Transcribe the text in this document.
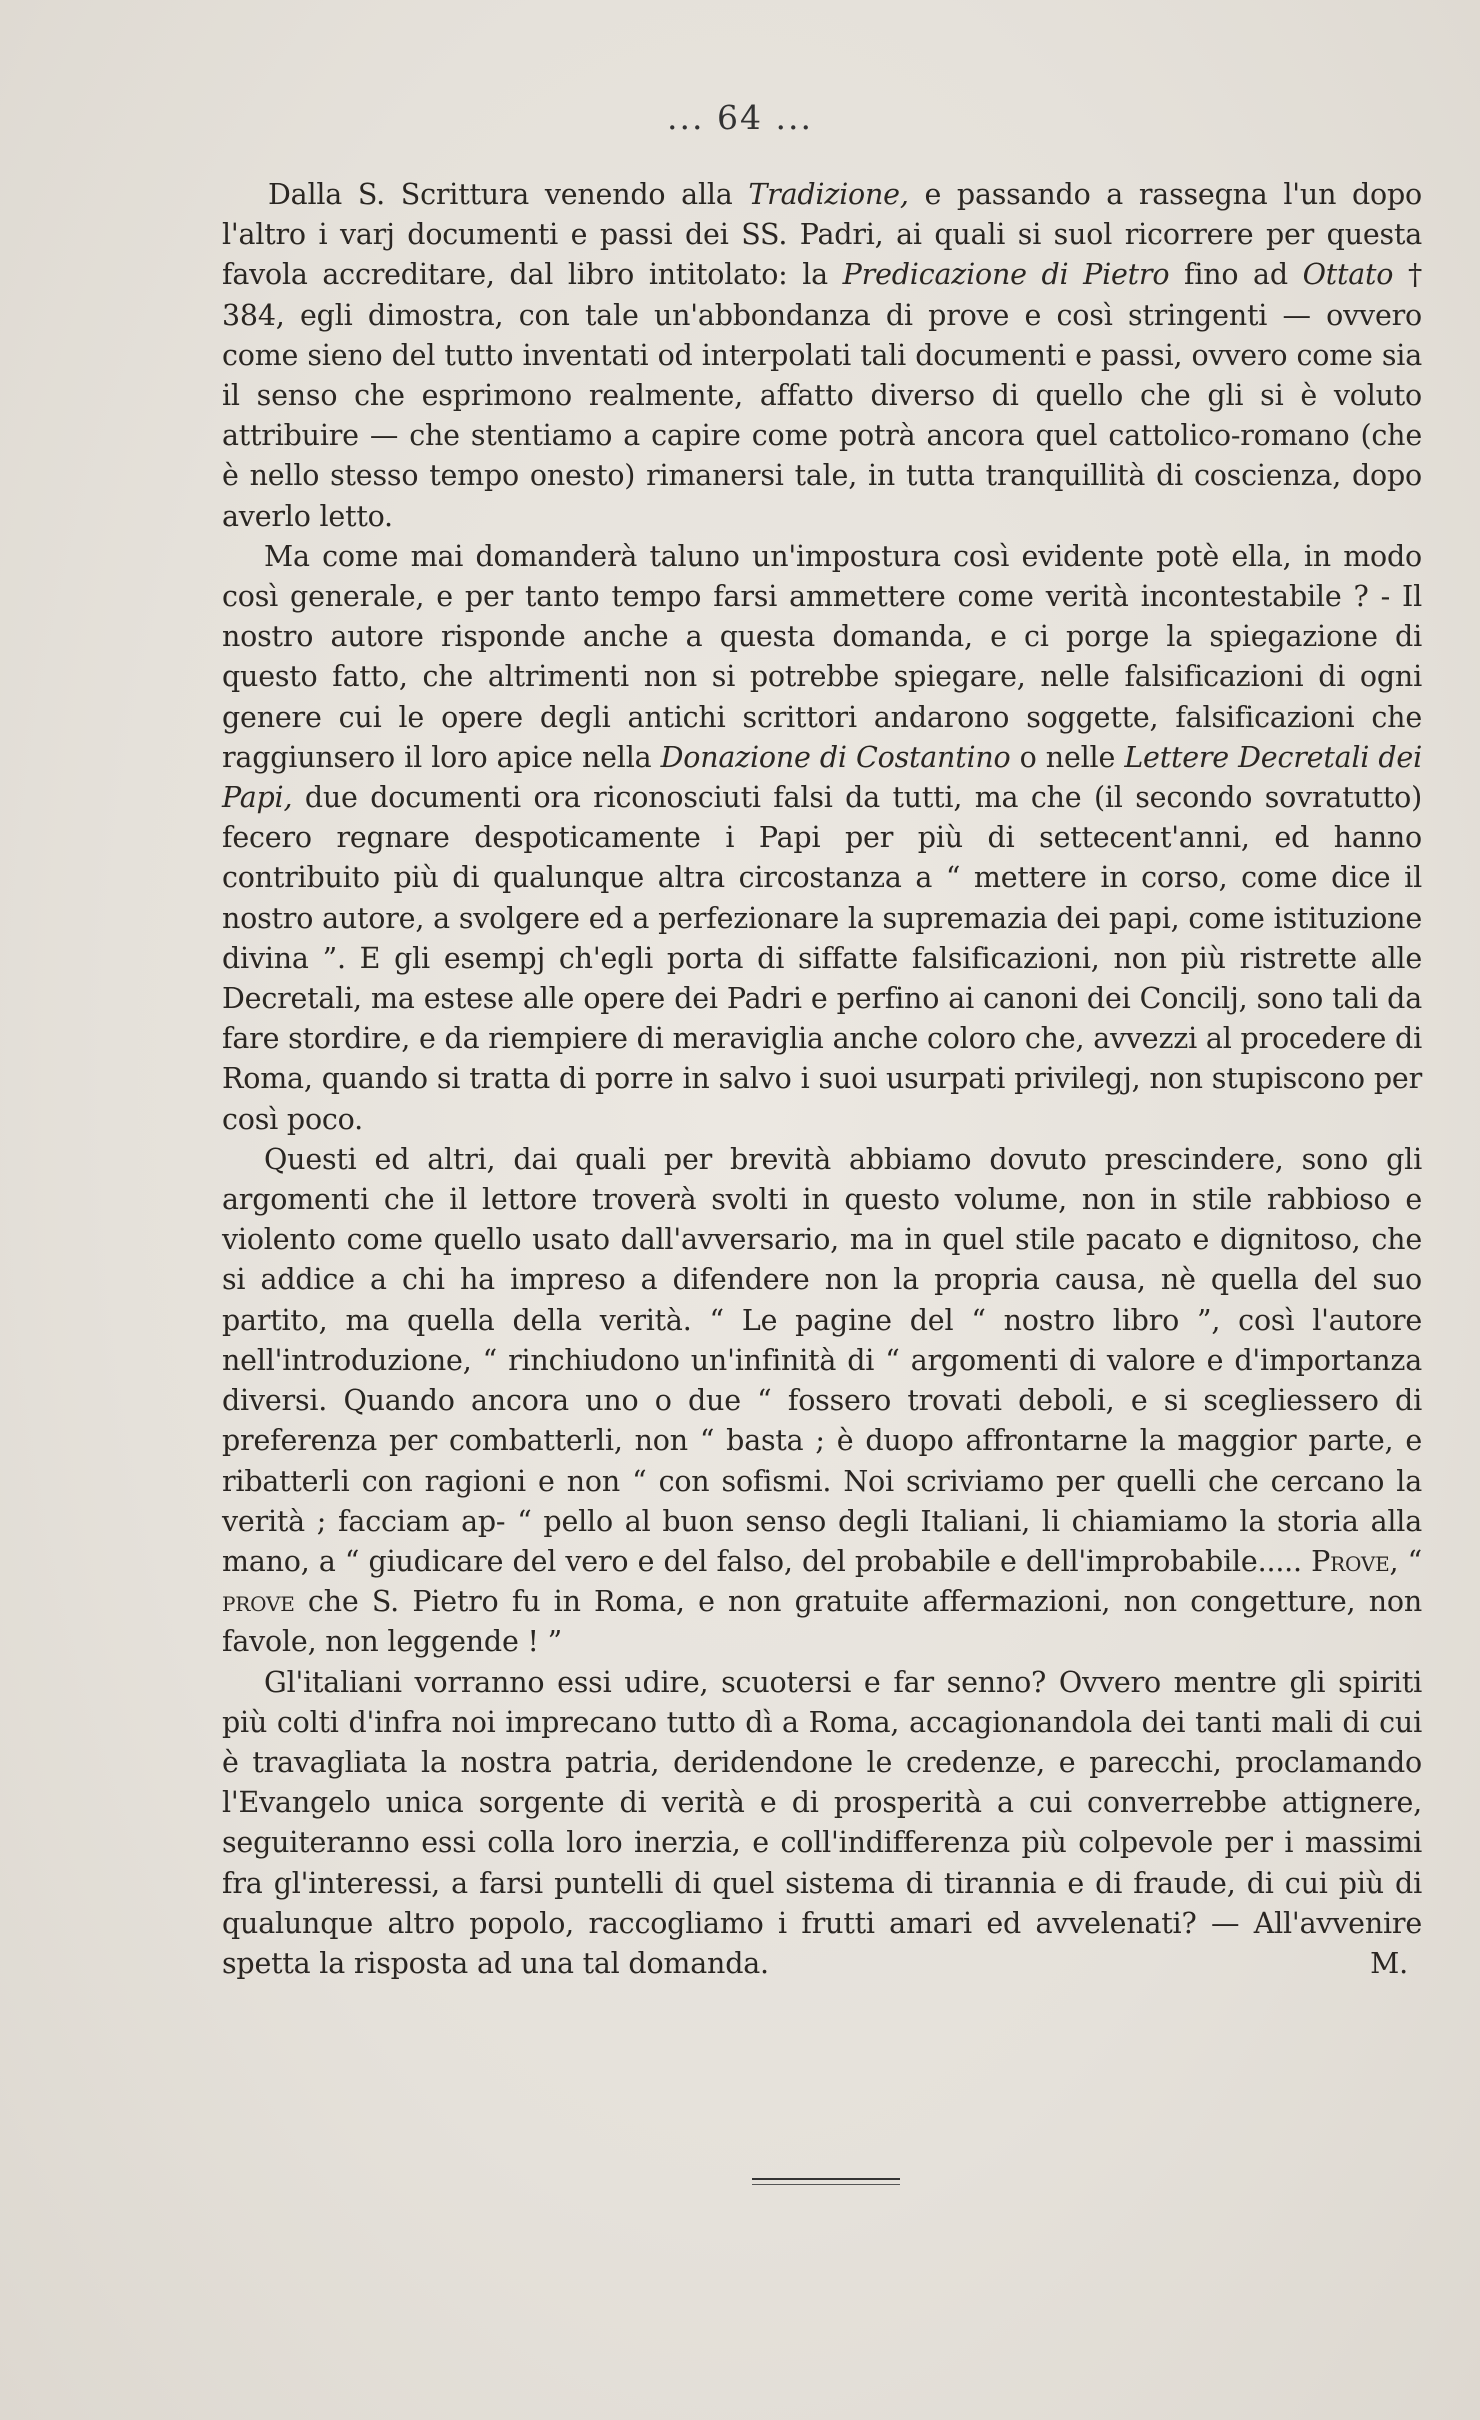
... 64 ...

Dalla S. Scrittura venendo alla Tradizione, e passando a rassegna l'un dopo l'altro i varj documenti e passi dei SS. Padri, ai quali si suol ricorrere per questa favola accreditare, dal libro intitolato: la Predicazione di Pietro fino ad Ottato † 384, egli dimostra, con tale un'abbondanza di prove e così stringenti — ovvero come sieno del tutto inventati od interpolati tali documenti e passi, ovvero come sia il senso che esprimono realmente, affatto diverso di quello che gli si è voluto attribuire — che stentiamo a capire come potrà ancora quel cattolico-romano (che è nello stesso tempo onesto) rimanersi tale, in tutta tranquillità di coscienza, dopo averlo letto.

Ma come mai domanderà taluno un'impostura così evidente potè ella, in modo così generale, e per tanto tempo farsi ammettere come verità incontestabile ? - Il nostro autore risponde anche a questa domanda, e ci porge la spiegazione di questo fatto, che altrimenti non si potrebbe spiegare, nelle falsificazioni di ogni genere cui le opere degli antichi scrittori andarono soggette, falsificazioni che raggiunsero il loro apice nella Donazione di Costantino o nelle Lettere Decretali dei Papi, due documenti ora riconosciuti falsi da tutti, ma che (il secondo sovratutto) fecero regnare despoticamente i Papi per più di settecent'anni, ed hanno contribuito più di qualunque altra circostanza a “ mettere in corso, come dice il nostro autore, a svolgere ed a perfezionare la supremazia dei papi, come istituzione divina ”. E gli esempj ch'egli porta di siffatte falsificazioni, non più ristrette alle Decretali, ma estese alle opere dei Padri e perfino ai canoni dei Concilj, sono tali da fare stordire, e da riempiere di meraviglia anche coloro che, avvezzi al procedere di Roma, quando si tratta di porre in salvo i suoi usurpati privilegj, non stupiscono per così poco.

Questi ed altri, dai quali per brevità abbiamo dovuto prescindere, sono gli argomenti che il lettore troverà svolti in questo volume, non in stile rabbioso e violento come quello usato dall'avversario, ma in quel stile pacato e dignitoso, che si addice a chi ha impreso a difendere non la propria causa, nè quella del suo partito, ma quella della verità. “ Le pagine del “ nostro libro ”, così l'autore nell'introduzione, “ rinchiudono un'infinità di “ argomenti di valore e d'importanza diversi. Quando ancora uno o due “ fossero trovati deboli, e si scegliessero di preferenza per combatterli, non “ basta ; è duopo affrontarne la maggior parte, e ribatterli con ragioni e non “ con sofismi. Noi scriviamo per quelli che cercano la verità ; facciam ap- “ pello al buon senso degli Italiani, li chiamiamo la storia alla mano, a “ giudicare del vero e del falso, del probabile e dell'improbabile..... Prove, “ prove che S. Pietro fu in Roma, e non gratuite affermazioni, non congetture, non favole, non leggende ! ”

Gl'italiani vorranno essi udire, scuotersi e far senno? Ovvero mentre gli spiriti più colti d'infra noi imprecano tutto dì a Roma, accagionandola dei tanti mali di cui è travagliata la nostra patria, deridendone le credenze, e parecchi, proclamando l'Evangelo unica sorgente di verità e di prosperità a cui converrebbe attignere, seguiteranno essi colla loro inerzia, e coll'indifferenza più colpevole per i massimi fra gl'interessi, a farsi puntelli di quel sistema di tirannia e di fraude, di cui più di qualunque altro popolo, raccogliamo i frutti amari ed avvelenati? — All'avvenire spetta la risposta ad una tal domanda.	M.
